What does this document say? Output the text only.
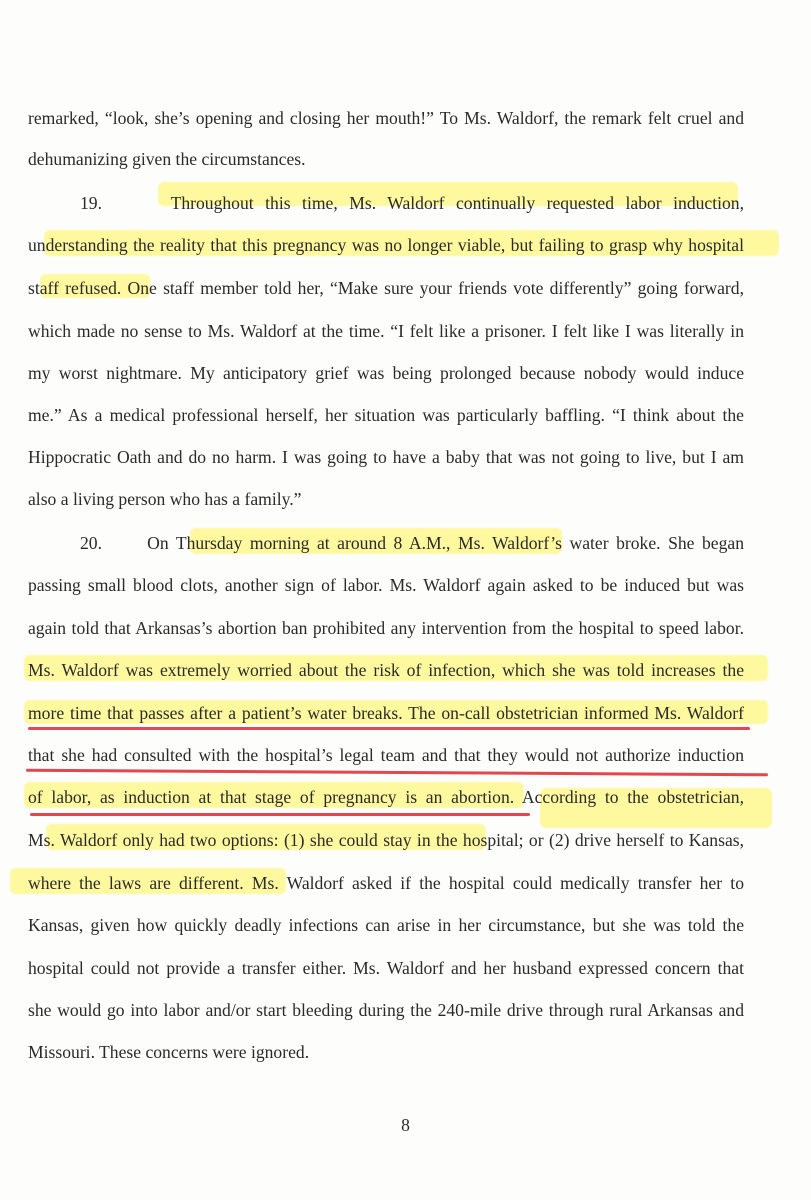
remarked, “look, she’s opening and closing her mouth!” To Ms. Waldorf, the remark felt cruel and
dehumanizing given the circumstances.
19.      Throughout this time, Ms. Waldorf continually requested labor induction,
understanding the reality that this pregnancy was no longer viable, but failing to grasp why hospital
staff refused. One staff member told her, “Make sure your friends vote differently” going forward,
which made no sense to Ms. Waldorf at the time. “I felt like a prisoner. I felt like I was literally in
my worst nightmare. My anticipatory grief was being prolonged because nobody would induce
me.” As a medical professional herself, her situation was particularly baffling. “I think about the
Hippocratic Oath and do no harm. I was going to have a baby that was not going to live, but I am
also a living person who has a family.”
20.      On Thursday morning at around 8 A.M., Ms. Waldorf’s water broke. She began
passing small blood clots, another sign of labor. Ms. Waldorf again asked to be induced but was
again told that Arkansas’s abortion ban prohibited any intervention from the hospital to speed labor.
Ms. Waldorf was extremely worried about the risk of infection, which she was told increases the
more time that passes after a patient’s water breaks. The on-call obstetrician informed Ms. Waldorf
that she had consulted with the hospital’s legal team and that they would not authorize induction
of labor, as induction at that stage of pregnancy is an abortion. According to the obstetrician,
Ms. Waldorf only had two options: (1) she could stay in the hospital; or (2) drive herself to Kansas,
where the laws are different. Ms. Waldorf asked if the hospital could medically transfer her to
Kansas, given how quickly deadly infections can arise in her circumstance, but she was told the
hospital could not provide a transfer either. Ms. Waldorf and her husband expressed concern that
she would go into labor and/or start bleeding during the 240-mile drive through rural Arkansas and
Missouri. These concerns were ignored.
8
